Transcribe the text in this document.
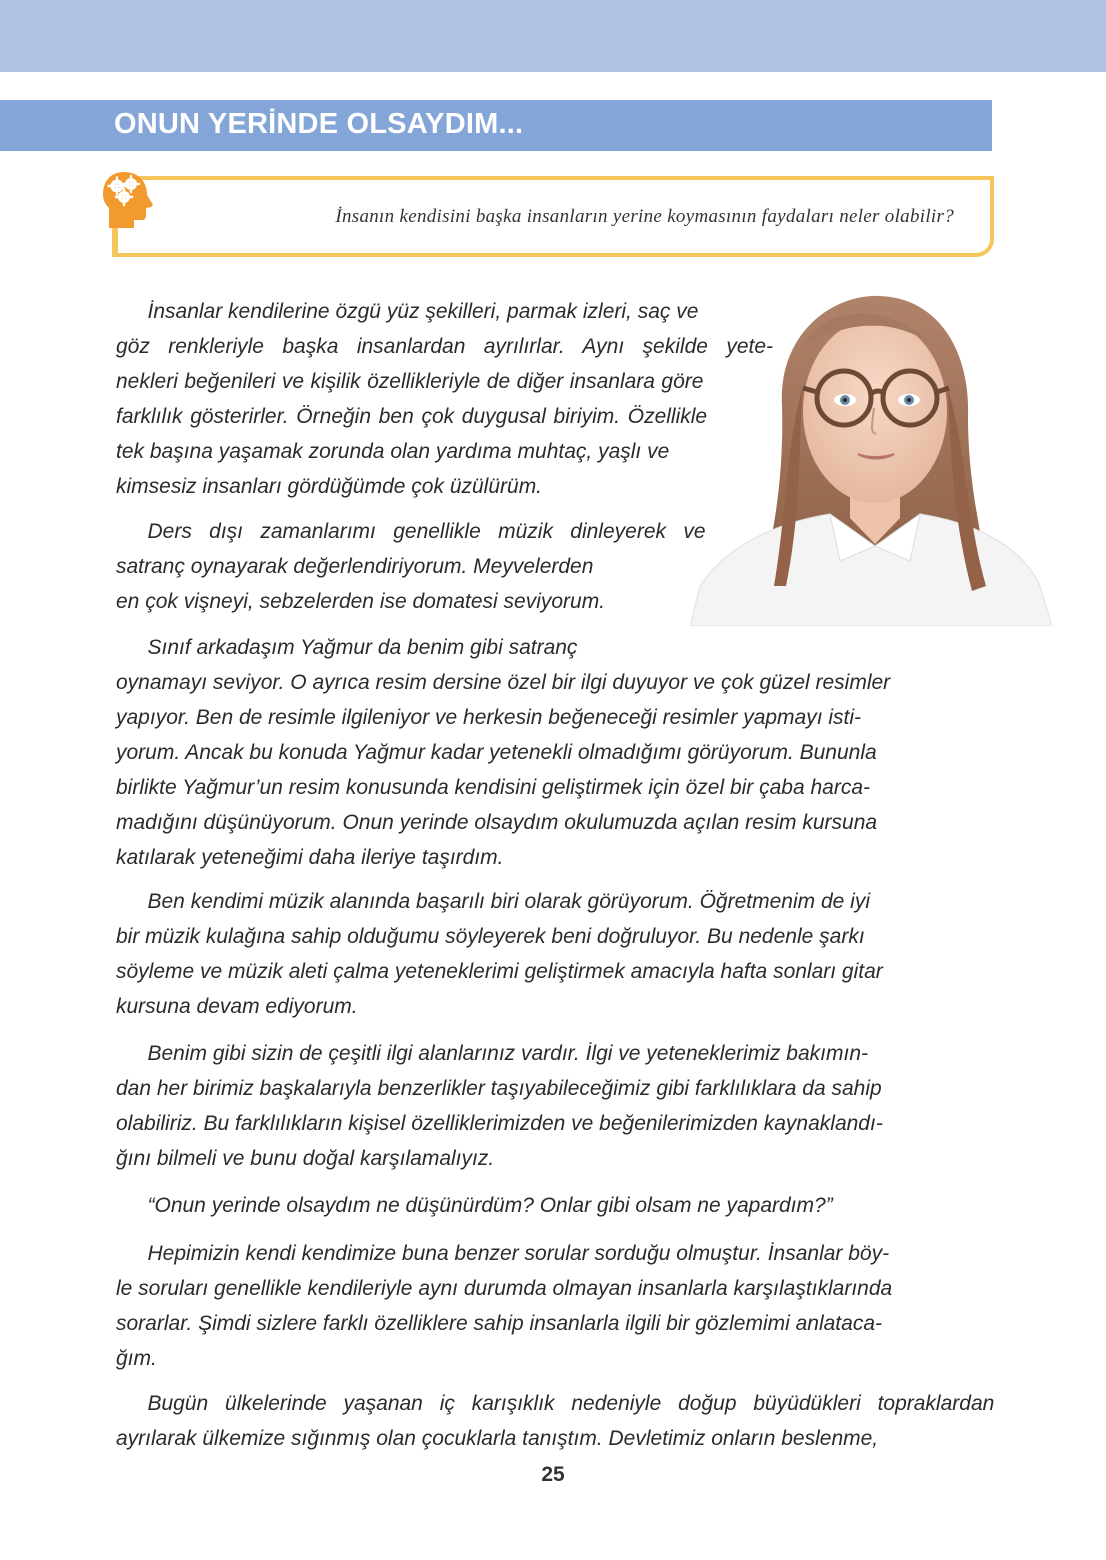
ONUN YERİNDE OLSAYDIM...

İnsanın kendisini başka insanların yerine koymasının faydaları neler olabilir?

  İnsanlar kendilerine özgü yüz şekilleri, parmak izleri, saç ve
göz renkleriyle başka insanlardan ayrılırlar. Aynı şekilde yete-
nekleri beğenileri ve kişilik özellikleriyle de diğer insanlara göre
farklılık gösterirler. Örneğin ben çok duygusal biriyim. Özellikle
tek başına yaşamak zorunda olan yardıma muhtaç, yaşlı ve
kimsesiz insanları gördüğümde çok üzülürüm.
  Ders dışı zamanlarımı genellikle müzik dinleyerek ve
satranç oynayarak değerlendiriyorum. Meyvelerden
en çok vişneyi, sebzelerden ise domatesi seviyorum.
  Sınıf arkadaşım Yağmur da benim gibi satranç
oynamayı seviyor. O ayrıca resim dersine özel bir ilgi duyuyor ve çok güzel resimler
yapıyor. Ben de resimle ilgileniyor ve herkesin beğeneceği resimler yapmayı isti-
yorum. Ancak bu konuda Yağmur kadar yetenekli olmadığımı görüyorum. Bununla
birlikte Yağmur’un resim konusunda kendisini geliştirmek için özel bir çaba harca-
madığını düşünüyorum. Onun yerinde olsaydım okulumuzda açılan resim kursuna
katılarak yeteneğimi daha ileriye taşırdım.
  Ben kendimi müzik alanında başarılı biri olarak görüyorum. Öğretmenim de iyi
bir müzik kulağına sahip olduğumu söyleyerek beni doğruluyor. Bu nedenle şarkı
söyleme ve müzik aleti çalma yeteneklerimi geliştirmek amacıyla hafta sonları gitar
kursuna devam ediyorum.
  Benim gibi sizin de çeşitli ilgi alanlarınız vardır. İlgi ve yeteneklerimiz bakımın-
dan her birimiz başkalarıyla benzerlikler taşıyabileceğimiz gibi farklılıklara da sahip
olabiliriz. Bu farklılıkların kişisel özelliklerimizden ve beğenilerimizden kaynaklandı-
ğını bilmeli ve bunu doğal karşılamalıyız.
  “Onun yerinde olsaydım ne düşünürdüm? Onlar gibi olsam ne yapardım?”
  Hepimizin kendi kendimize buna benzer sorular sorduğu olmuştur. İnsanlar böy-
le soruları genellikle kendileriyle aynı durumda olmayan insanlarla karşılaştıklarında
sorarlar. Şimdi sizlere farklı özelliklere sahip insanlarla ilgili bir gözlemimi anlataca-
ğım.
  Bugün ülkelerinde yaşanan iç karışıklık nedeniyle doğup büyüdükleri topraklardan
ayrılarak ülkemize sığınmış olan çocuklarla tanıştım. Devletimiz onların beslenme,
25
